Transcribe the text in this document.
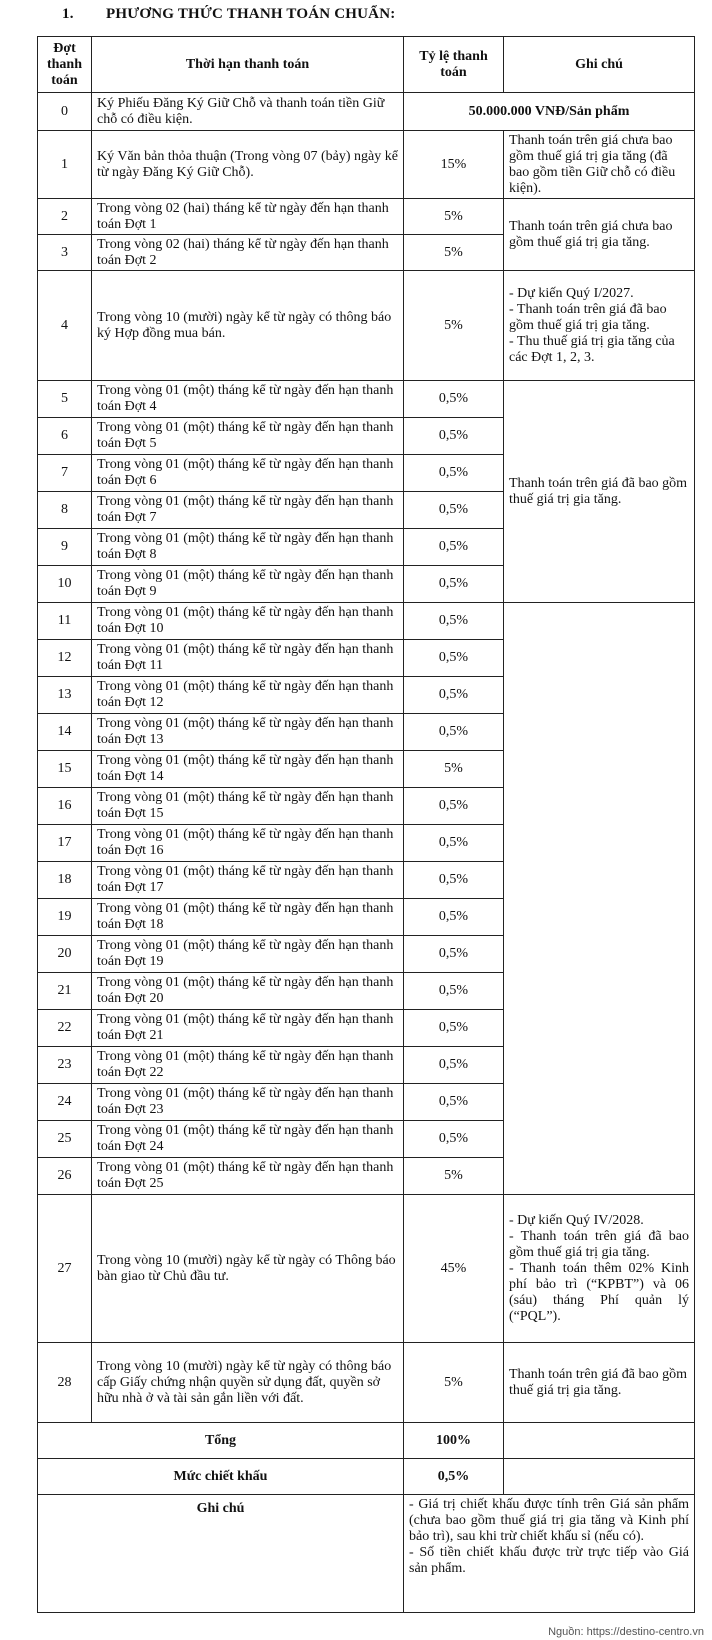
1. PHƯƠNG THỨC THANH TOÁN CHUẨN:
Đợt thanh toán	Thời hạn thanh toán	Tỷ lệ thanh toán	Ghi chú
0	Ký Phiếu Đăng Ký Giữ Chỗ và thanh toán tiền Giữ chỗ có điều kiện.	50.000.000 VNĐ/Sản phẩm	
1	Ký Văn bản thỏa thuận (Trong vòng 07 (bảy) ngày kể từ ngày Đăng Ký Giữ Chỗ).	15%	Thanh toán trên giá chưa bao gồm thuế giá trị gia tăng (đã bao gồm tiền Giữ chỗ có điều kiện).
2	Trong vòng 02 (hai) tháng kể từ ngày đến hạn thanh toán Đợt 1	5%	Thanh toán trên giá chưa bao gồm thuế giá trị gia tăng.
3	Trong vòng 02 (hai) tháng kể từ ngày đến hạn thanh toán Đợt 2	5%	
4	Trong vòng 10 (mười) ngày kể từ ngày có thông báo ký Hợp đồng mua bán.	5%	- Dự kiến Quý I/2027.
- Thanh toán trên giá đã bao gồm thuế giá trị gia tăng.
- Thu thuế giá trị gia tăng của các Đợt 1, 2, 3.

5	Trong vòng 01 (một) tháng kể từ ngày đến hạn thanh toán Đợt 4	0,5%	Thanh toán trên giá đã bao gồm thuế giá trị gia tăng.
6	Trong vòng 01 (một) tháng kể từ ngày đến hạn thanh toán Đợt 5	0,5%	
7	Trong vòng 01 (một) tháng kể từ ngày đến hạn thanh toán Đợt 6	0,5%	
8	Trong vòng 01 (một) tháng kể từ ngày đến hạn thanh toán Đợt 7	0,5%	
9	Trong vòng 01 (một) tháng kể từ ngày đến hạn thanh toán Đợt 8	0,5%	
10	Trong vòng 01 (một) tháng kể từ ngày đến hạn thanh toán Đợt 9	0,5%	
11	Trong vòng 01 (một) tháng kể từ ngày đến hạn thanh toán Đợt 10	0,5%	
12	Trong vòng 01 (một) tháng kể từ ngày đến hạn thanh toán Đợt 11	0,5%	
13	Trong vòng 01 (một) tháng kể từ ngày đến hạn thanh toán Đợt 12	0,5%	
14	Trong vòng 01 (một) tháng kể từ ngày đến hạn thanh toán Đợt 13	0,5%	
15	Trong vòng 01 (một) tháng kể từ ngày đến hạn thanh toán Đợt 14	5%	
16	Trong vòng 01 (một) tháng kể từ ngày đến hạn thanh toán Đợt 15	0,5%	
17	Trong vòng 01 (một) tháng kể từ ngày đến hạn thanh toán Đợt 16	0,5%	
18	Trong vòng 01 (một) tháng kể từ ngày đến hạn thanh toán Đợt 17	0,5%	
19	Trong vòng 01 (một) tháng kể từ ngày đến hạn thanh toán Đợt 18	0,5%	
20	Trong vòng 01 (một) tháng kể từ ngày đến hạn thanh toán Đợt 19	0,5%	
21	Trong vòng 01 (một) tháng kể từ ngày đến hạn thanh toán Đợt 20	0,5%	
22	Trong vòng 01 (một) tháng kể từ ngày đến hạn thanh toán Đợt 21	0,5%	
23	Trong vòng 01 (một) tháng kể từ ngày đến hạn thanh toán Đợt 22	0,5%	
24	Trong vòng 01 (một) tháng kể từ ngày đến hạn thanh toán Đợt 23	0,5%	
25	Trong vòng 01 (một) tháng kể từ ngày đến hạn thanh toán Đợt 24	0,5%	
26	Trong vòng 01 (một) tháng kể từ ngày đến hạn thanh toán Đợt 25	5%	
27	Trong vòng 10 (mười) ngày kể từ ngày có Thông báo bàn giao từ Chủ đầu tư.	45%	- Dự kiến Quý IV/2028.
- Thanh toán trên giá đã bao gồm thuế giá trị gia tăng.
- Thanh toán thêm 02% Kinh phí bảo trì (“KPBT”) và 06 (sáu) tháng Phí quản lý (“PQL”).

28	Trong vòng 10 (mười) ngày kể từ ngày có thông báo cấp Giấy chứng nhận quyền sử dụng đất, quyền sở hữu nhà ở và tài sản gắn liền với đất.	5%	Thanh toán trên giá đã bao gồm thuế giá trị gia tăng.
Tổng		100%	
Mức chiết khấu		0,5%	
Ghi chú		- Giá trị chiết khấu được tính trên Giá sản phẩm (chưa bao gồm thuế giá trị gia tăng và Kinh phí bảo trì), sau khi trừ chiết khấu sỉ (nếu có).
- Số tiền chiết khấu được trừ trực tiếp vào Giá sản phẩm.	
Nguồn: https://destino-centro.vn
